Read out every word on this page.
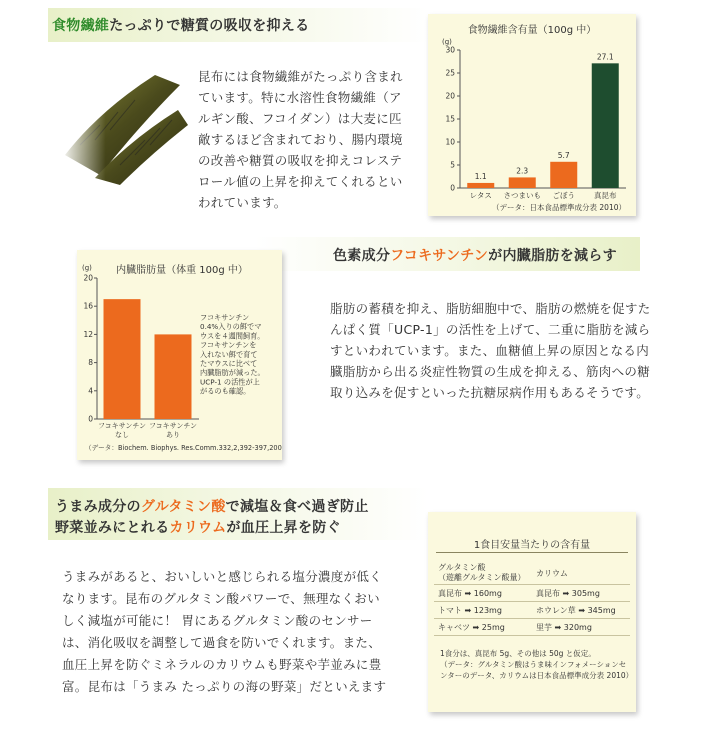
食物繊維たっぷりで糖質の吸収を抑える
昆布には食物繊維がたっぷり含まれています。特に水溶性食物繊維（アルギン酸、フコイダン）は大麦に匹敵するほど含まれており、腸内環境の改善や糖質の吸収を抑えコレステロール値の上昇を抑えてくれるといわれています。
食物繊維含有量（100g 中）
(g)
0
5
10
15
20
25
30
1.1
レタス
2.3
さつまいも
5.7
ごぼう
27.1
真昆布
（データ：日本食品標準成分表 2010）
色素成分フコキサンチンが内臓脂肪を減らす
内臓脂肪量（体重 100g 中）
(g)
0
4
8
12
16
20
フコキサンチン
なし
フコキサンチン
あり
フコキサンチン
0.4%入りの餌でマ
ウスを４週間飼育。
フコキサンチンを
入れない餌で育て
たマウスに比べて
内臓脂肪が減った。
UCP-1 の活性が上
がるのも確認。
（データ：Biochem. Biophys. Res.Comm.332,2,392-397,2005）
脂肪の蓄積を抑え、脂肪細胞中で、脂肪の燃焼を促すたんぱく質「UCP-1」の活性を上げて、二重に脂肪を減らすといわれています。また、血糖値上昇の原因となる内臓脂肪から出る炎症性物質の生成を抑える、筋肉への糖取り込みを促すといった抗糖尿病作用もあるそうです。
うまみ成分のグルタミン酸で減塩＆食べ過ぎ防止
野菜並みにとれるカリウムが血圧上昇を防ぐ
うまみがあると、おいしいと感じられる塩分濃度が低くなります。昆布のグルタミン酸パワーで、無理なくおいしく減塩が可能に！ 胃にあるグルタミン酸のセンサーは、消化吸収を調整して過食を防いでくれます。また、血圧上昇を防ぐミネラルのカリウムも野菜や芋並みに豊富。昆布は「うまみ たっぷりの海の野菜」だといえます
1食目安量当たりの含有量
グルタミン酸
（遊離グルタミン酸量）	カリウム
真昆布 ➡ 160mg	真昆布 ➡ 305mg
トマト ➡ 123mg	ホウレン草 ➡ 345mg
キャベツ ➡ 25mg	里芋 ➡ 320mg
1食分は、真昆布 5g、その他は 50g と仮定。
（データ：グルタミン酸はうま味インフォメーションセ
ンターのデータ、カリウムは日本食品標準成分表 2010）
